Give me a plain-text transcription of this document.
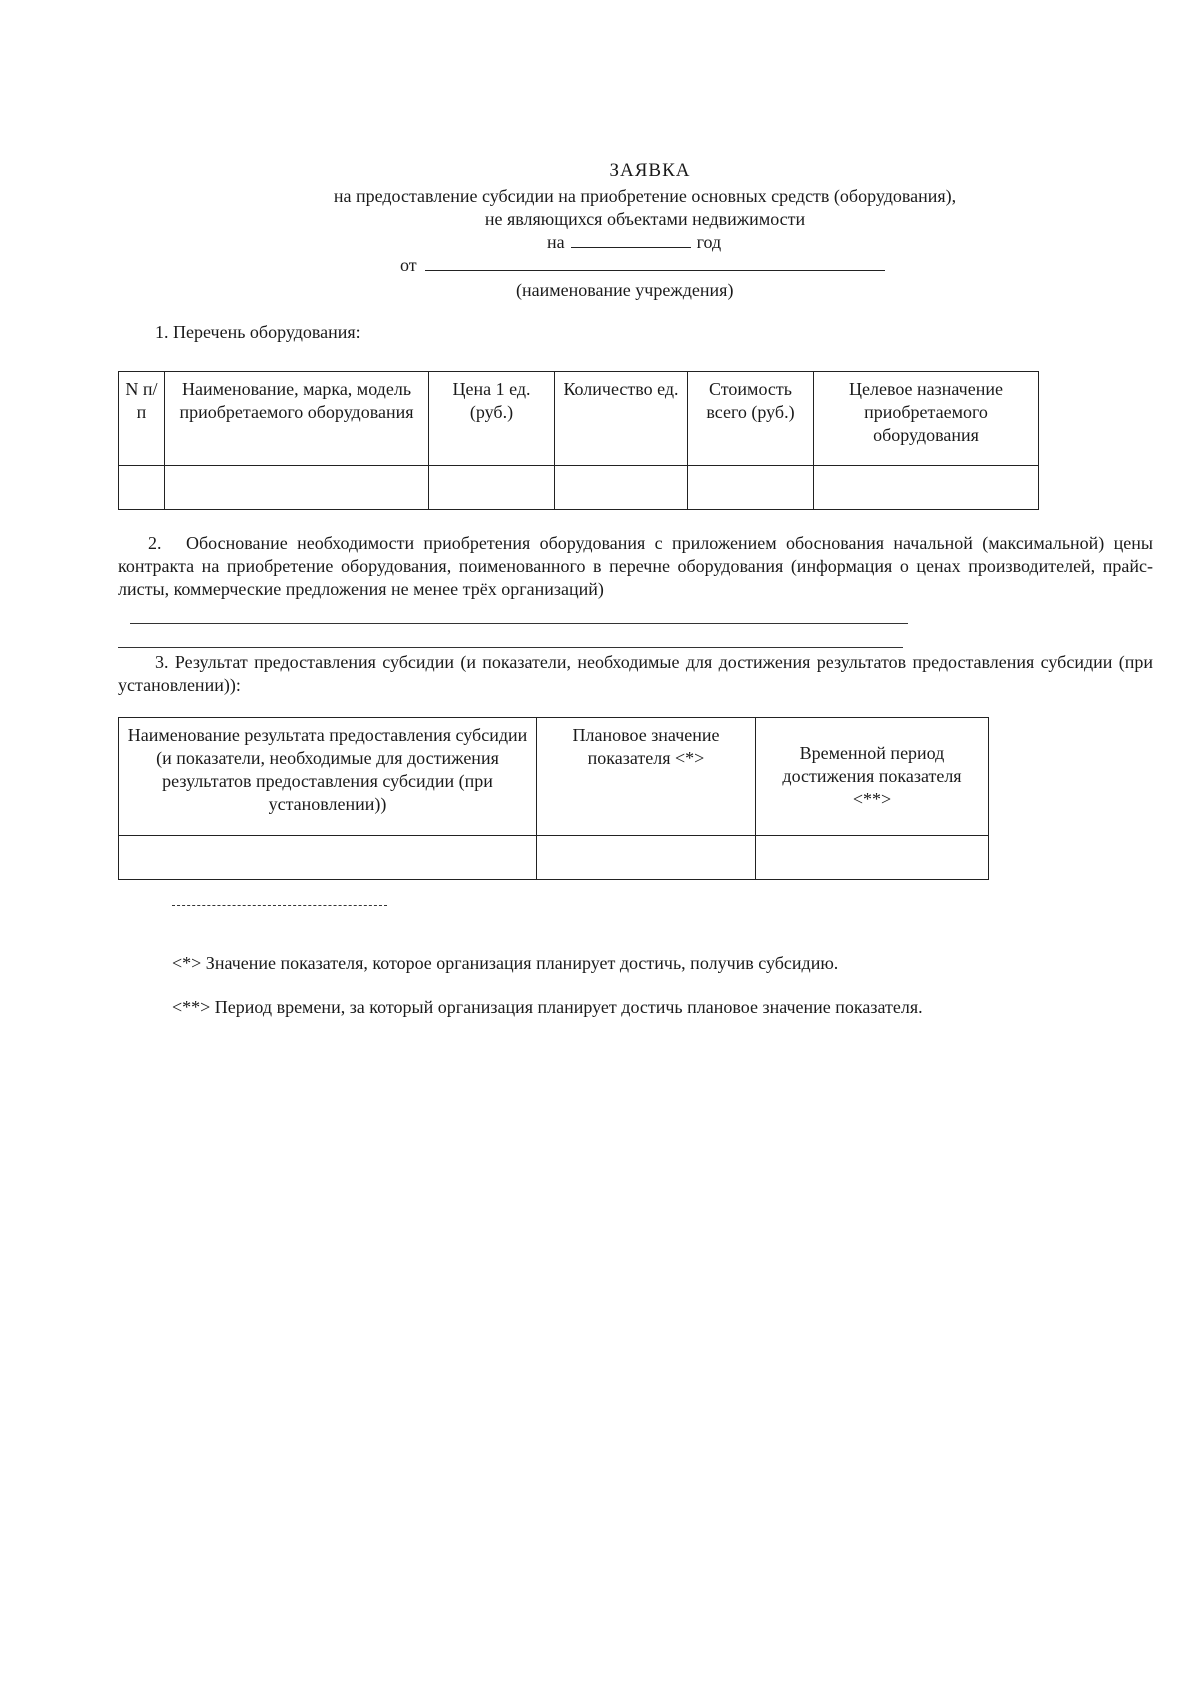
ЗАЯВКА
на предоставление субсидии на приобретение основных средств (оборудования),
не являющихся объектами недвижимости
на	год
от
(наименование учреждения)
1. Перечень оборудования:
N п/п	Наименование, марка, модель приобретаемого оборудования	Цена 1 ед. (руб.)	Количество ед.	Стоимость всего (руб.)	Целевое назначение приобретаемого оборудования

2. Обоснование необходимости приобретения оборудования с приложением обоснования начальной (максимальной) цены контракта на приобретение оборудования, поименованного в перечне оборудования (информация о ценах производителей, прайс-листы, коммерческие предложения не менее трёх организаций)
3. Результат предоставления субсидии (и показатели, необходимые для достижения результатов предоставления субсидии (при установлении)):
Наименование результата предоставления субсидии (и показатели, необходимые для достижения результатов предоставления субсидии (при установлении))	Плановое значение показателя <*>	Временной период достижения показателя <**>

<*> Значение показателя, которое организация планирует достичь, получив субсидию.
<**> Период времени, за который организация планирует достичь плановое значение показателя.
